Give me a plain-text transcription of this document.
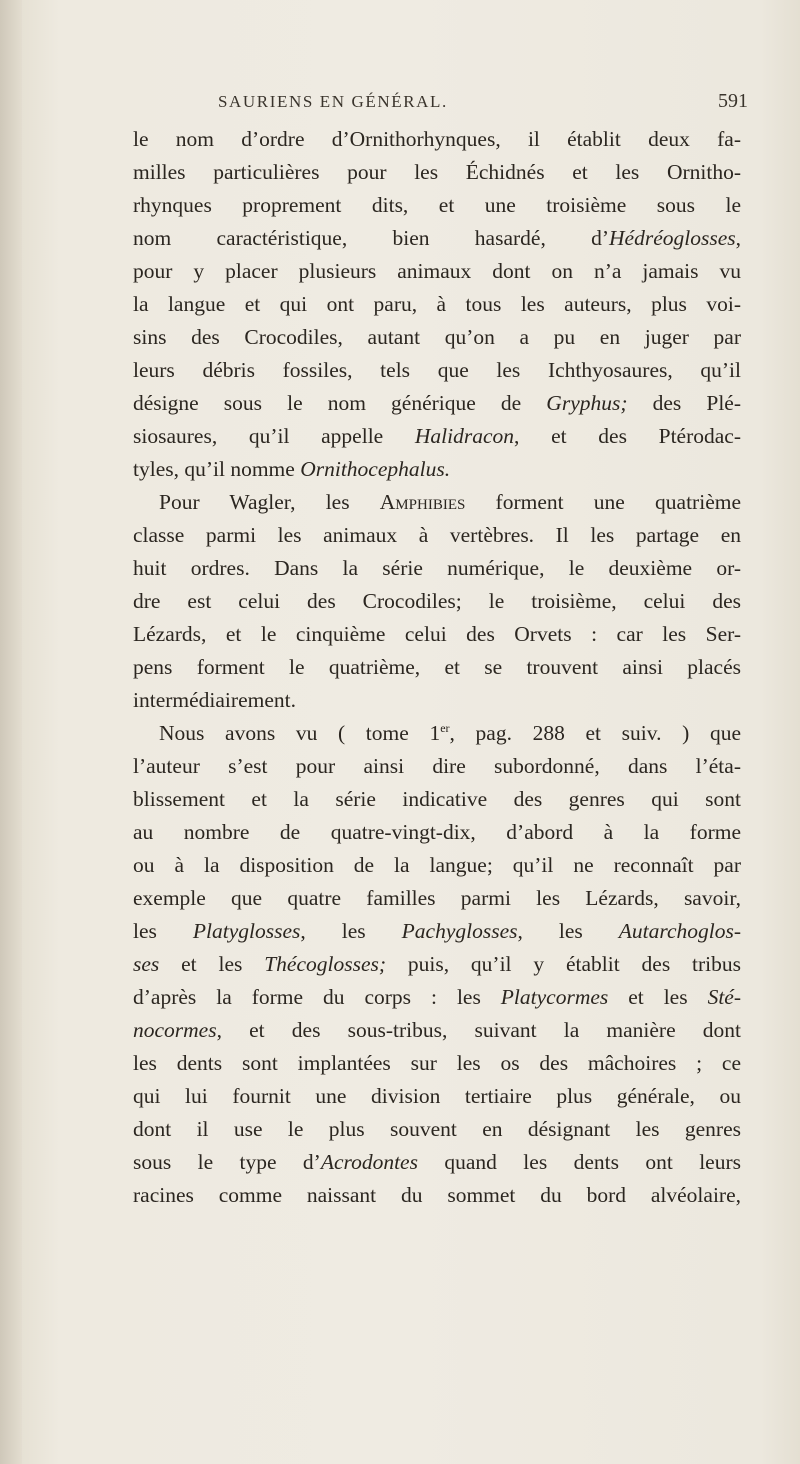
SAURIENS EN GÉNÉRAL.	591
le nom d’ordre d’Ornithorhynques, il établit deux fa-
milles particulières pour les Échidnés et les Ornitho-
rhynques proprement dits, et une troisième sous le
nom caractéristique, bien hasardé, d’Hédréoglosses,
pour y placer plusieurs animaux dont on n’a jamais vu
la langue et qui ont paru, à tous les auteurs, plus voi-
sins des Crocodiles, autant qu’on a pu en juger par
leurs débris fossiles, tels que les Ichthyosaures, qu’il
désigne sous le nom générique de Gryphus; des Plé-
siosaures, qu’il appelle Halidracon, et des Ptérodac-
tyles, qu’il nomme Ornithocephalus.
Pour Wagler, les Amphibies forment une quatrième
classe parmi les animaux à vertèbres. Il les partage en
huit ordres. Dans la série numérique, le deuxième or-
dre est celui des Crocodiles; le troisième, celui des
Lézards, et le cinquième celui des Orvets : car les Ser-
pens forment le quatrième, et se trouvent ainsi placés
intermédiairement.
Nous avons vu ( tome 1er, pag. 288 et suiv. ) que
l’auteur s’est pour ainsi dire subordonné, dans l’éta-
blissement et la série indicative des genres qui sont
au nombre de quatre-vingt-dix, d’abord à la forme
ou à la disposition de la langue; qu’il ne reconnaît par
exemple que quatre familles parmi les Lézards, savoir,
les Platyglosses, les Pachyglosses, les Autarchoglos-
ses et les Thécoglosses; puis, qu’il y établit des tribus
d’après la forme du corps : les Platycormes et les Sté-
nocormes, et des sous-tribus, suivant la manière dont
les dents sont implantées sur les os des mâchoires ; ce
qui lui fournit une division tertiaire plus générale, ou
dont il use le plus souvent en désignant les genres
sous le type d’Acrodontes quand les dents ont leurs
racines comme naissant du sommet du bord alvéolaire,
